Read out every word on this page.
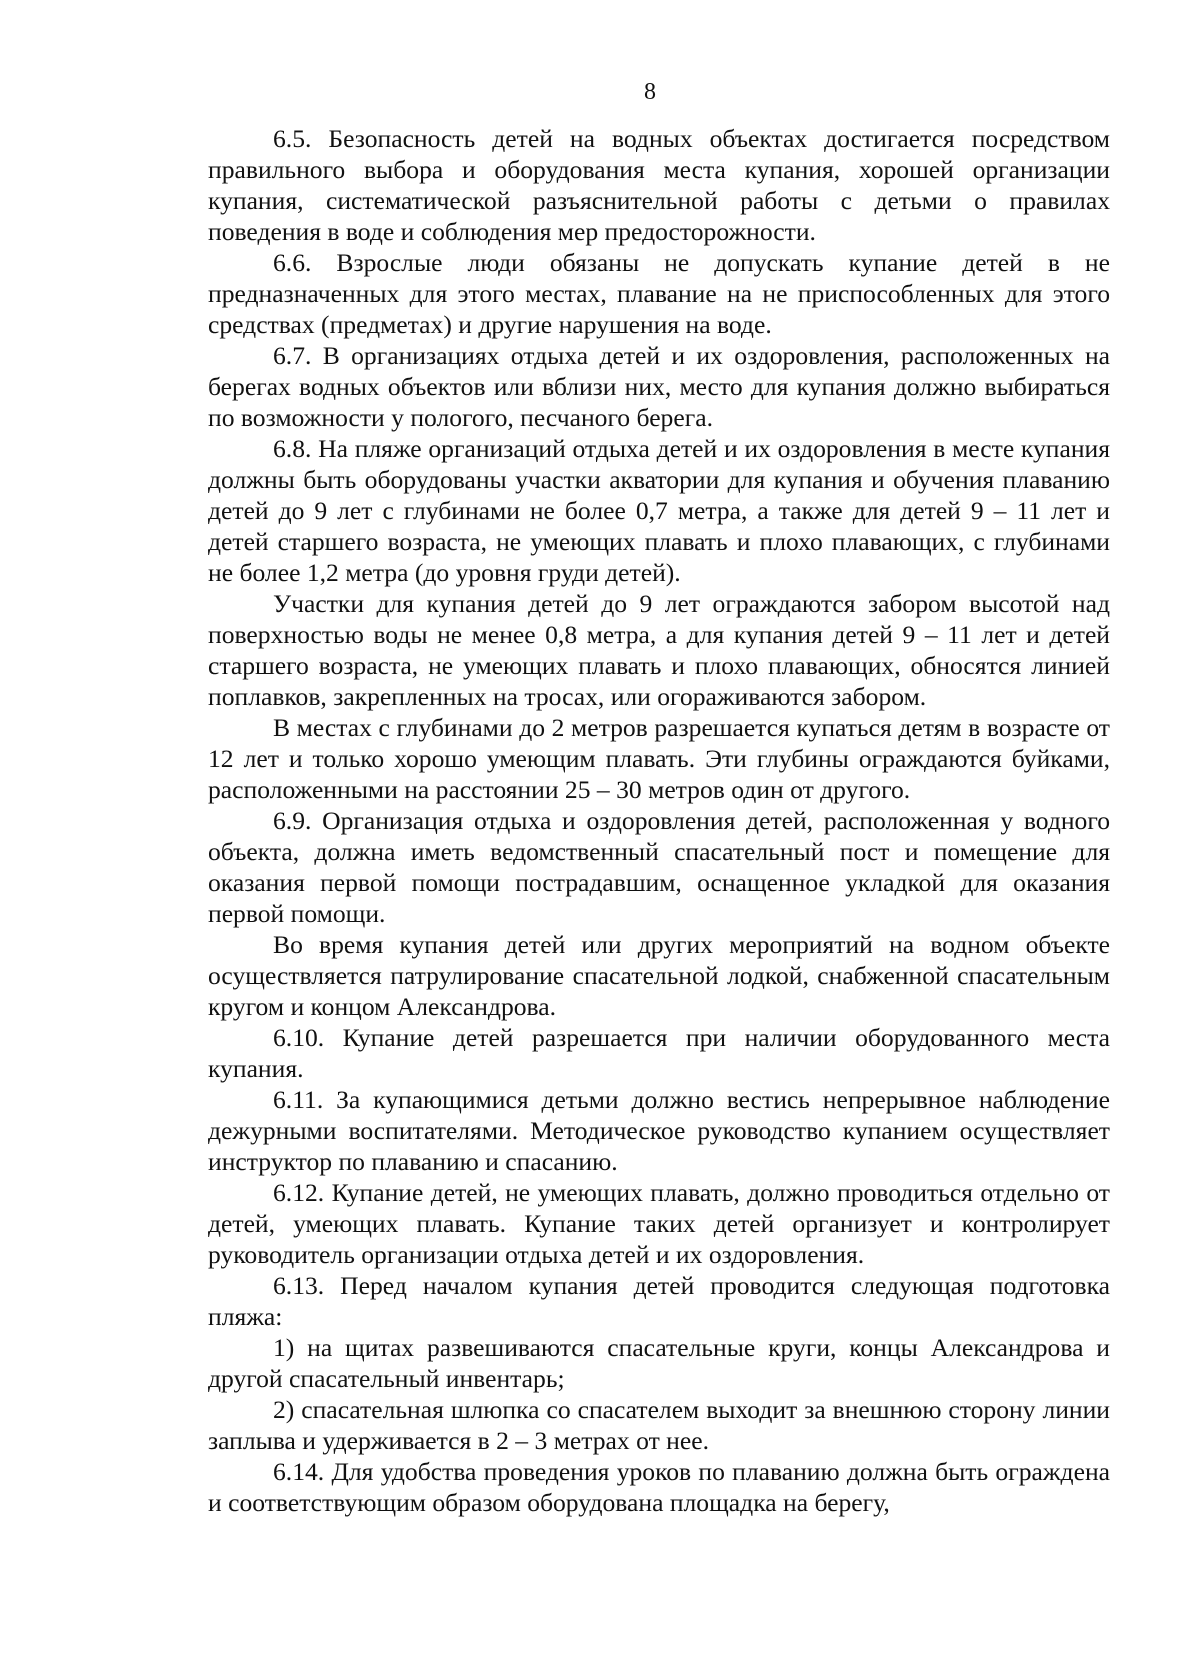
8

6.5. Безопасность детей на водных объектах достигается посредством правильного выбора и оборудования места купания, хорошей организации купания, систематической разъяснительной работы с детьми о правилах поведения в воде и соблюдения мер предосторожности.

6.6. Взрослые люди обязаны не допускать купание детей в не предназначенных для этого местах, плавание на не приспособленных для этого средствах (предметах) и другие нарушения на воде.

6.7. В организациях отдыха детей и их оздоровления, расположенных на берегах водных объектов или вблизи них, место для купания должно выбираться по возможности у пологого, песчаного берега.

6.8. На пляже организаций отдыха детей и их оздоровления в месте купания должны быть оборудованы участки акватории для купания и обучения плаванию детей до 9 лет с глубинами не более 0,7 метра, а также для детей 9 – 11 лет и детей старшего возраста, не умеющих плавать и плохо плавающих, с глубинами не более 1,2 метра (до уровня груди детей).

Участки для купания детей до 9 лет ограждаются забором высотой над поверхностью воды не менее 0,8 метра, а для купания детей 9 – 11 лет и детей старшего возраста, не умеющих плавать и плохо плавающих, обносятся линией поплавков, закрепленных на тросах, или огораживаются забором.

В местах с глубинами до 2 метров разрешается купаться детям в возрасте от 12 лет и только хорошо умеющим плавать. Эти глубины ограждаются буйками, расположенными на расстоянии 25 – 30 метров один от другого.

6.9. Организация отдыха и оздоровления детей, расположенная у водного объекта, должна иметь ведомственный спасательный пост и помещение для оказания первой помощи пострадавшим, оснащенное укладкой для оказания первой помощи.

Во время купания детей или других мероприятий на водном объекте осуществляется патрулирование спасательной лодкой, снабженной спасательным кругом и концом Александрова.

6.10. Купание детей разрешается при наличии оборудованного места купания.

6.11. За купающимися детьми должно вестись непрерывное наблюдение дежурными воспитателями. Методическое руководство купанием осуществляет инструктор по плаванию и спасанию.

6.12. Купание детей, не умеющих плавать, должно проводиться отдельно от детей, умеющих плавать. Купание таких детей организует и контролирует руководитель организации отдыха детей и их оздоровления.

6.13. Перед началом купания детей проводится следующая подготовка пляжа:

1) на щитах развешиваются спасательные круги, концы Александрова и другой спасательный инвентарь;

2) спасательная шлюпка со спасателем выходит за внешнюю сторону линии заплыва и удерживается в 2 – 3 метрах от нее.

6.14. Для удобства проведения уроков по плаванию должна быть ограждена и соответствующим образом оборудована площадка на берегу,
